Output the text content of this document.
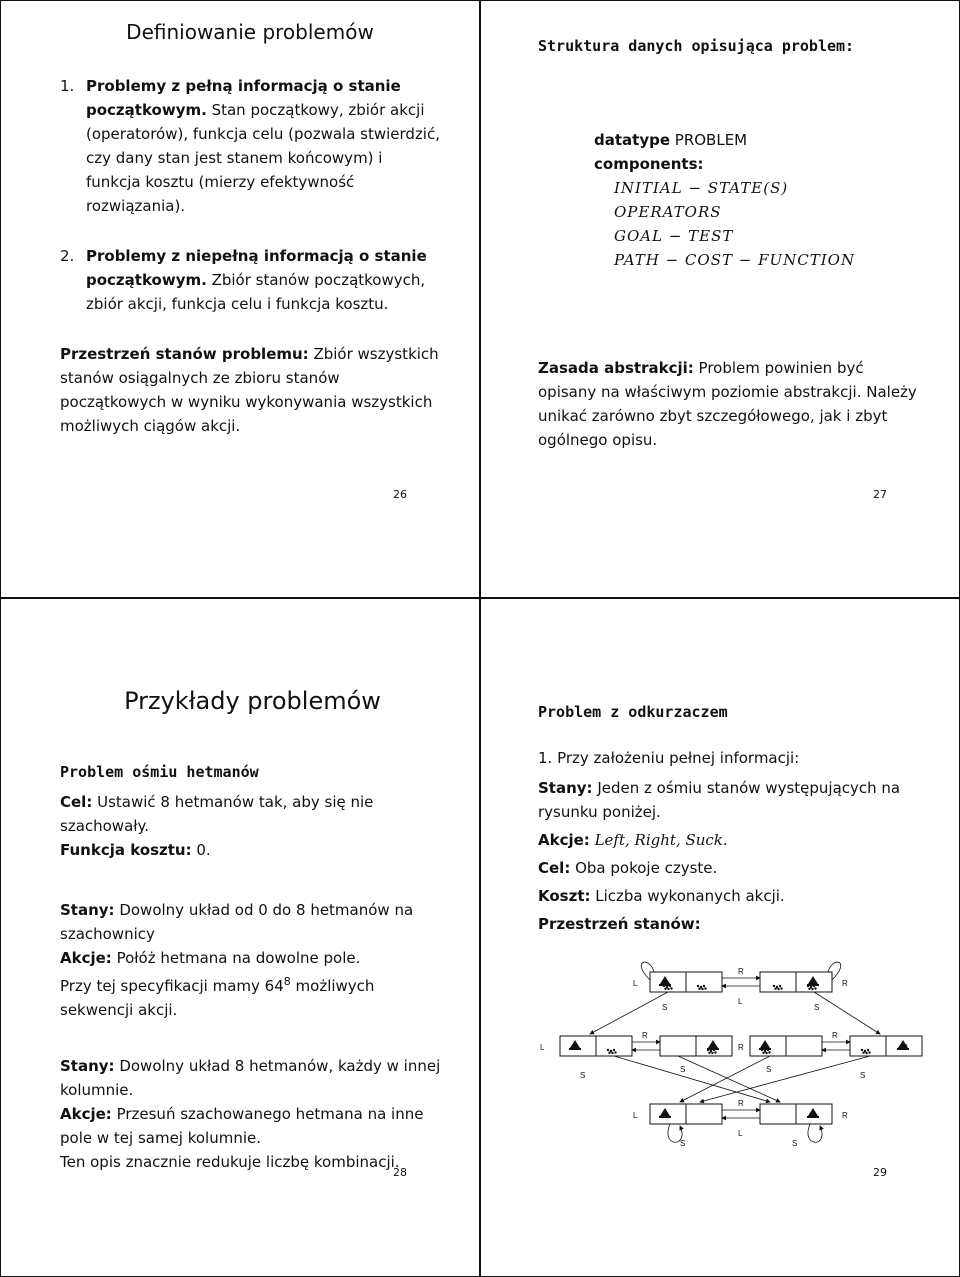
Definiowanie problemów
1. Problemy z pełną informacją o stanie początkowym. Stan początkowy, zbiór akcji (operatorów), funkcja celu (pozwala stwierdzić, czy dany stan jest stanem końcowym) i funkcja kosztu (mierzy efektywność rozwiązania).

2. Problemy z niepełną informacją o stanie początkowym. Zbiór stanów początkowych, zbiór akcji, funkcja celu i funkcja kosztu.

Przestrzeń stanów problemu: Zbiór wszystkich stanów osiągalnych ze zbioru stanów początkowych w wyniku wykonywania wszystkich możliwych ciągów akcji.

26
Struktura danych opisująca problem:

datatype PROBLEM

components:

INITIAL − STATE(S)

OPERATORS

GOAL − TEST

PATH − COST − FUNCTION

Zasada abstrakcji: Problem powinien być opisany na właściwym poziomie abstrakcji. Należy unikać zarówno zbyt szczegółowego, jak i zbyt ogólnego opisu.

27
Przykłady problemów

Problem ośmiu hetmanów

Cel: Ustawić 8 hetmanów tak, aby się nie szachowały.

Funkcja kosztu: 0.

Stany: Dowolny układ od 0 do 8 hetmanów na szachownicy

Akcje: Połóż hetmana na dowolne pole.

Przy tej specyfikacji mamy $64^8$ możliwych sekwencji akcji.

Stany: Dowolny układ 8 hetmanów, każdy w innej kolumnie.

Akcje: Przesuń szachowanego hetmana na inne pole w tej samej kolumnie.

Ten opis znacznie redukuje liczbę kombinacji.

28

Problem z odkurzaczem

1. Przy założeniu pełnej informacji:

Stany: Jeden z ośmiu stanów występujących na rysunku poniżej.

Akcje: Left, Right, Suck.

Cel: Oba pokoje czyste.

Koszt: Liczba wykonanych akcji.

Przestrzeń stanów:

L
R
L
R
S	S
L
R
R
R
R
S
S	S
S
L
R
L
R
S	S
29
